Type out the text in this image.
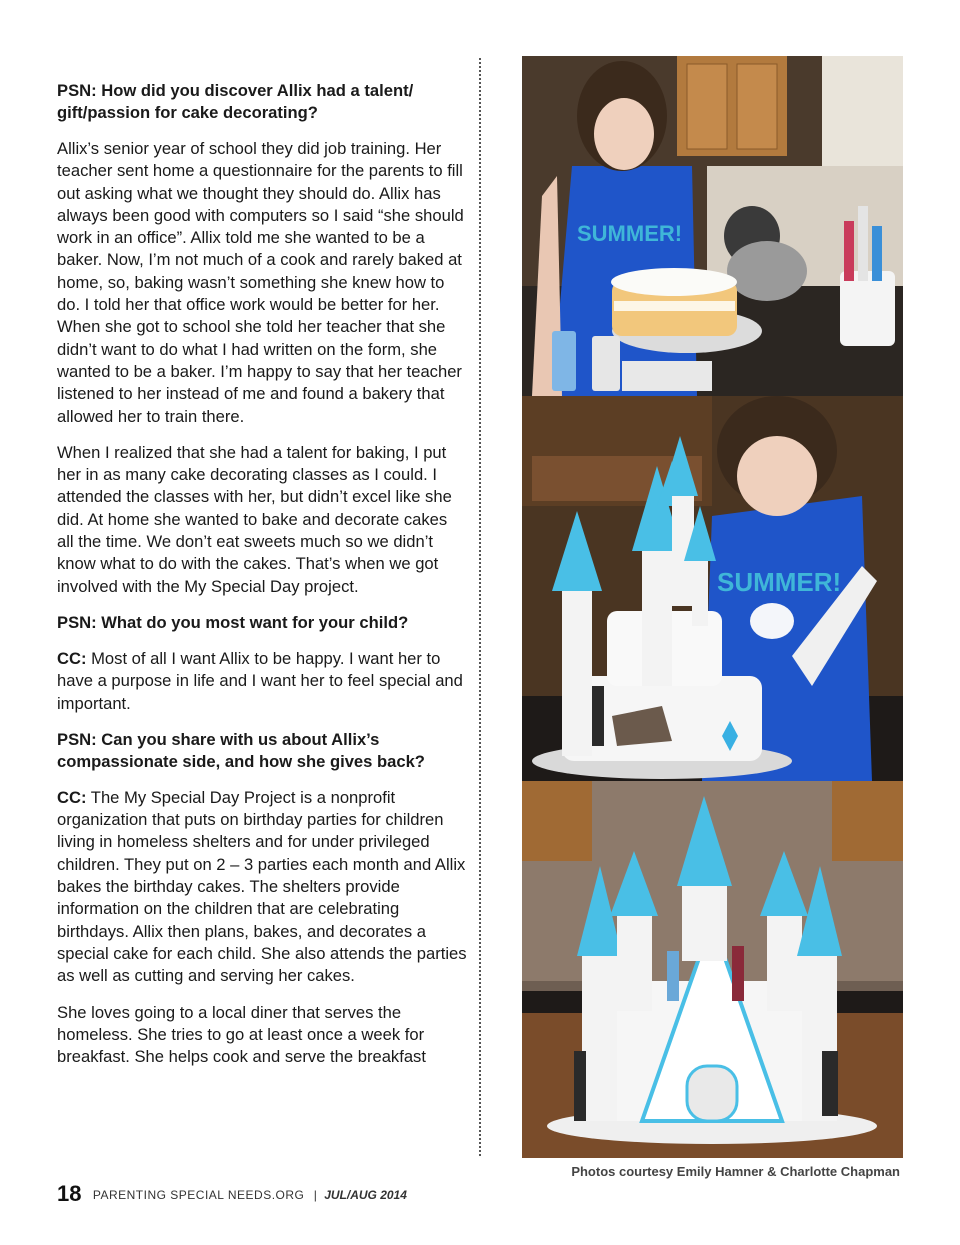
PSN: How did you discover Allix had a talent/ gift/passion for cake decorating?

Allix’s senior year of school they did job training. Her teacher sent home a questionnaire for the parents to fill out asking what we thought they should do. Allix has always been good with computers so I said “she should work in an office”. Allix told me she wanted to be a baker. Now, I’m not much of a cook and rarely baked at home, so, baking wasn’t something she knew how to do. I told her that office work would be better for her. When she got to school she told her teacher that she didn’t want to do what I had written on the form, she wanted to be a baker. I’m happy to say that her teacher listened to her instead of me and found a bakery that allowed her to train there.

When I realized that she had a talent for baking, I put her in as many cake decorating classes as I could. I attended the classes with her, but didn’t excel like she did. At home she wanted to bake and decorate cakes all the time. We don’t eat sweets much so we didn’t know what to do with the cakes. That’s when we got involved with the My Special Day project.

PSN: What do you most want for your child?

CC: Most of all I want Allix to be happy. I want her to have a purpose in life and I want her to feel special and important.

PSN: Can you share with us about Allix’s compassionate side, and how she gives back?

CC: The My Special Day Project is a nonprofit organization that puts on birthday parties for children living in homeless shelters and for under privileged children. They put on 2 – 3 parties each month and Allix bakes the birthday cakes. The shelters provide information on the children that are celebrating birthdays. Allix then plans, bakes, and decorates a special cake for each child. She also attends the parties as well as cutting and serving her cakes.

She loves going to a local diner that serves the homeless. She tries to go at least once a week for breakfast. She helps cook and serve the breakfast

SUMMER!
SUMMER!
Photos courtesy Emily Hamner & Charlotte Chapman
18 PARENTING SPECIAL NEEDS.ORG | JUL/AUG 2014
